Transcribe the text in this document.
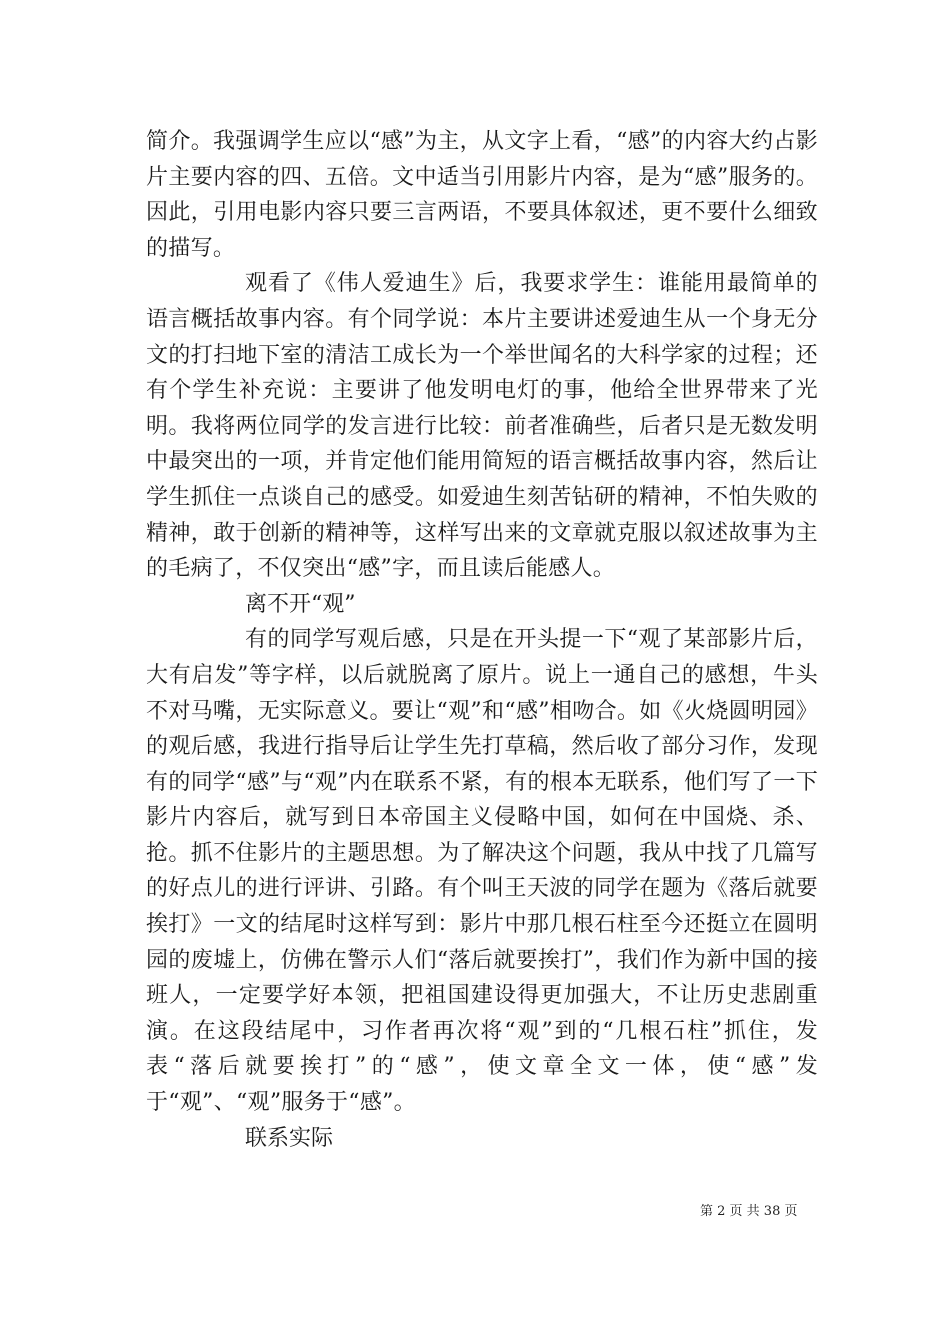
简介。我强调学生应以“感”为主，从文字上看，“感”的内容大约占影片主要内容的四、五倍。文中适当引用影片内容，是为“感”服务的。因此，引用电影内容只要三言两语，不要具体叙述，更不要什么细致的描写。

观看了《伟人爱迪生》后，我要求学生：谁能用最简单的语言概括故事内容。有个同学说：本片主要讲述爱迪生从一个身无分文的打扫地下室的清洁工成长为一个举世闻名的大科学家的过程；还有个学生补充说：主要讲了他发明电灯的事，他给全世界带来了光明。我将两位同学的发言进行比较：前者准确些，后者只是无数发明中最突出的一项，并肯定他们能用简短的语言概括故事内容，然后让学生抓住一点谈自己的感受。如爱迪生刻苦钻研的精神，不怕失败的精神，敢于创新的精神等，这样写出来的文章就克服以叙述故事为主的毛病了，不仅突出“感”字，而且读后能感人。

离不开“观”

有的同学写观后感，只是在开头提一下“观了某部影片后，大有启发”等字样，以后就脱离了原片。说上一通自己的感想，牛头不对马嘴，无实际意义。要让“观”和“感”相吻合。如《火烧圆明园》的观后感，我进行指导后让学生先打草稿，然后收了部分习作，发现有的同学“感”与“观”内在联系不紧，有的根本无联系，他们写了一下影片内容后，就写到日本帝国主义侵略中国，如何在中国烧、杀、抢。抓不住影片的主题思想。为了解决这个问题，我从中找了几篇写的好点儿的进行评讲、引路。有个叫王天波的同学在题为《落后就要挨打》一文的结尾时这样写到：影片中那几根石柱至今还挺立在圆明园的废墟上，仿佛在警示人们“落后就要挨打”，我们作为新中国的接班人，一定要学好本领，把祖国建设得更加强大，不让历史悲剧重演。在这段结尾中，习作者再次将“观”到的“几根石柱”抓住，发表“落后就要挨打”的“感”，使文章全文一体，使“感”发于“观”、“观”服务于“感”。

联系实际

第 2 页 共 38 页
